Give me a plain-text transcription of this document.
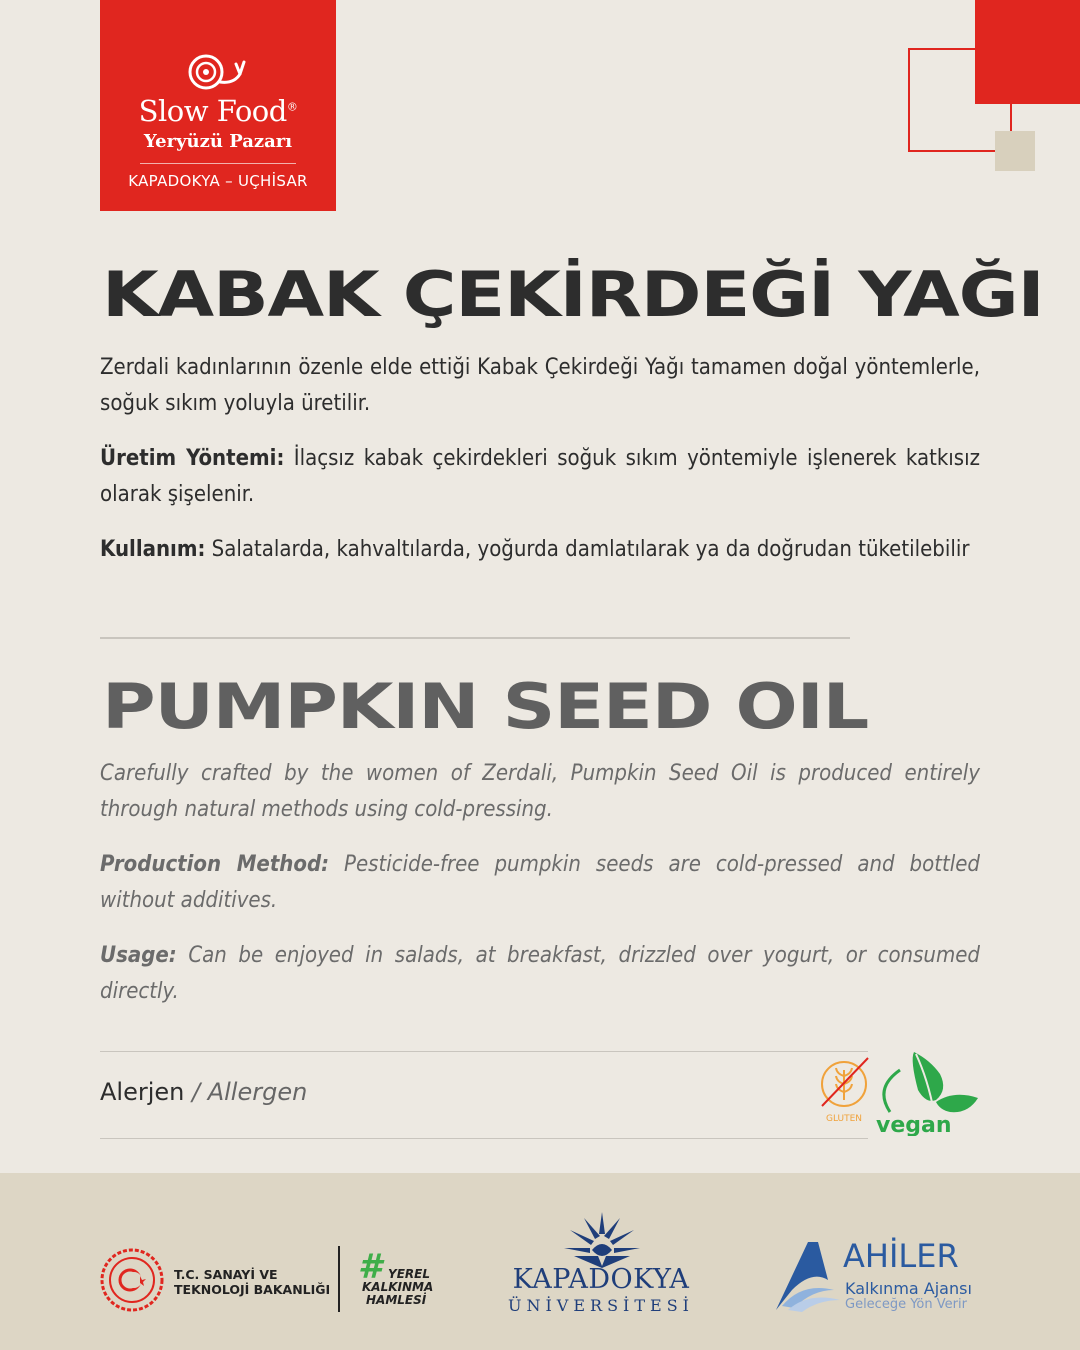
Slow Food®
Yeryüzü Pazarı
KAPADOKYA – UÇHİSAR
KABAK ÇEKİRDEĞİ YAĞI
Zerdali kadınlarının özenle elde ettiği Kabak Çekirdeği Yağı tamamen doğal yöntemlerle, soğuk sıkım yoluyla üretilir.
Üretim Yöntemi: İlaçsız kabak çekirdekleri soğuk sıkım yöntemiyle işlenerek katkısız olarak şişelenir.
Kullanım: Salatalarda, kahvaltılarda, yoğurda damlatılarak ya da doğrudan tüketilebilir
PUMPKIN SEED OIL
Carefully crafted by the women of Zerdali, Pumpkin Seed Oil is produced entirely through natural methods using cold-pressing.
Production Method: Pesticide-free pumpkin seeds are cold-pressed and bottled without additives.
Usage: Can be enjoyed in salads, at breakfast, drizzled over yogurt, or consumed directly.
Alerjen / Allergen
GLUTEN vegan
T.C. SANAYİ VE
TEKNOLOJİ BAKANLIĞI
# YEREL
KALKINMA
HAMLESİ
KAPADOKYA
ÜNİVERSİTESİ
AHİLER
Kalkınma Ajansı
Geleceğe Yön Verir
